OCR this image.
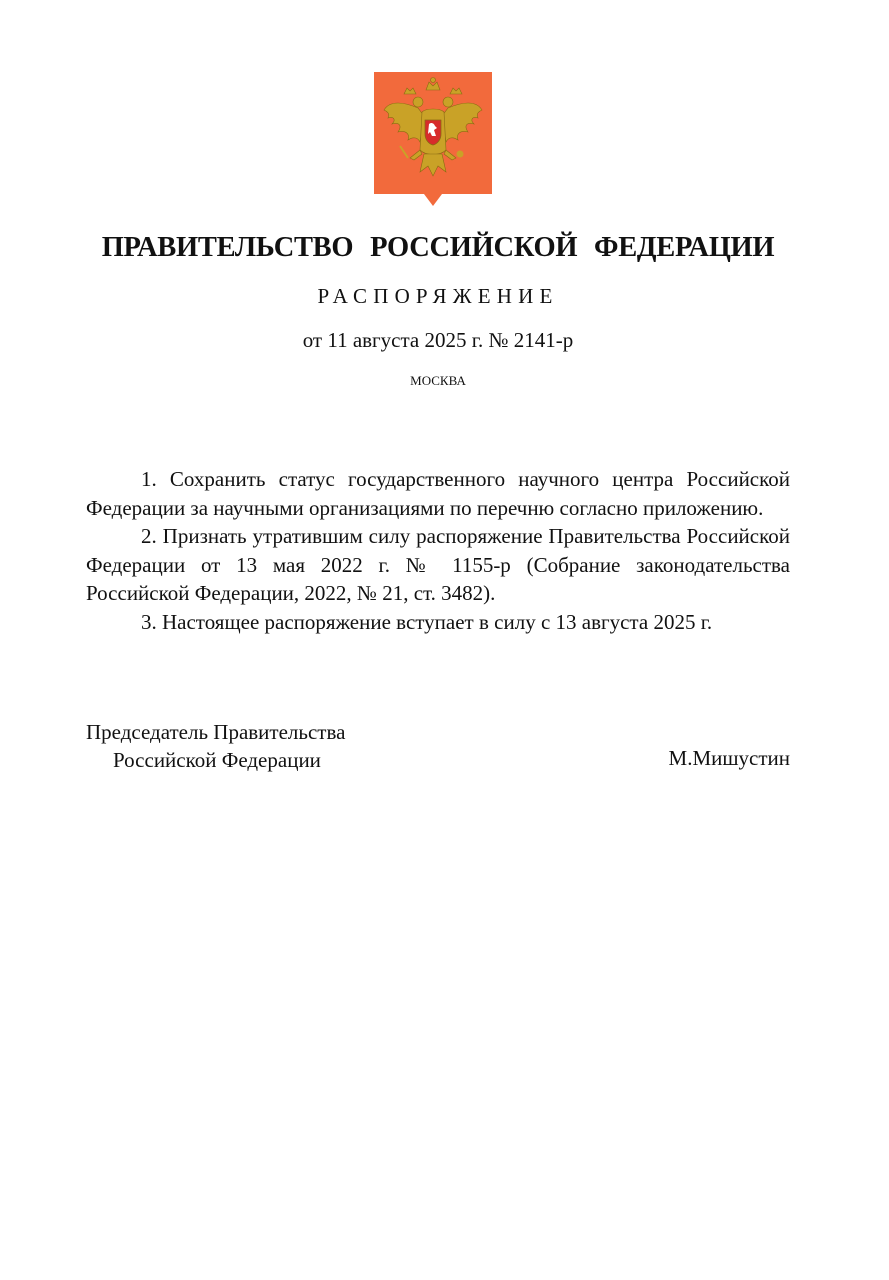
ПРАВИТЕЛЬСТВО РОССИЙСКОЙ ФЕДЕРАЦИИ
РАСПОРЯЖЕНИЕ
от 11 августа 2025 г. № 2141-р
МОСКВА

1. Сохранить статус государственного научного центра Российской Федерации за научными организациями по перечню согласно приложению.

2. Признать утратившим силу распоряжение Правительства Российской Федерации от 13 мая 2022 г. № 1155-р (Собрание законодательства Российской Федерации, 2022, № 21, ст. 3482).

3. Настоящее распоряжение вступает в силу с 13 августа 2025 г.

Председатель Правительства
Российской Федерации	М.Мишустин
